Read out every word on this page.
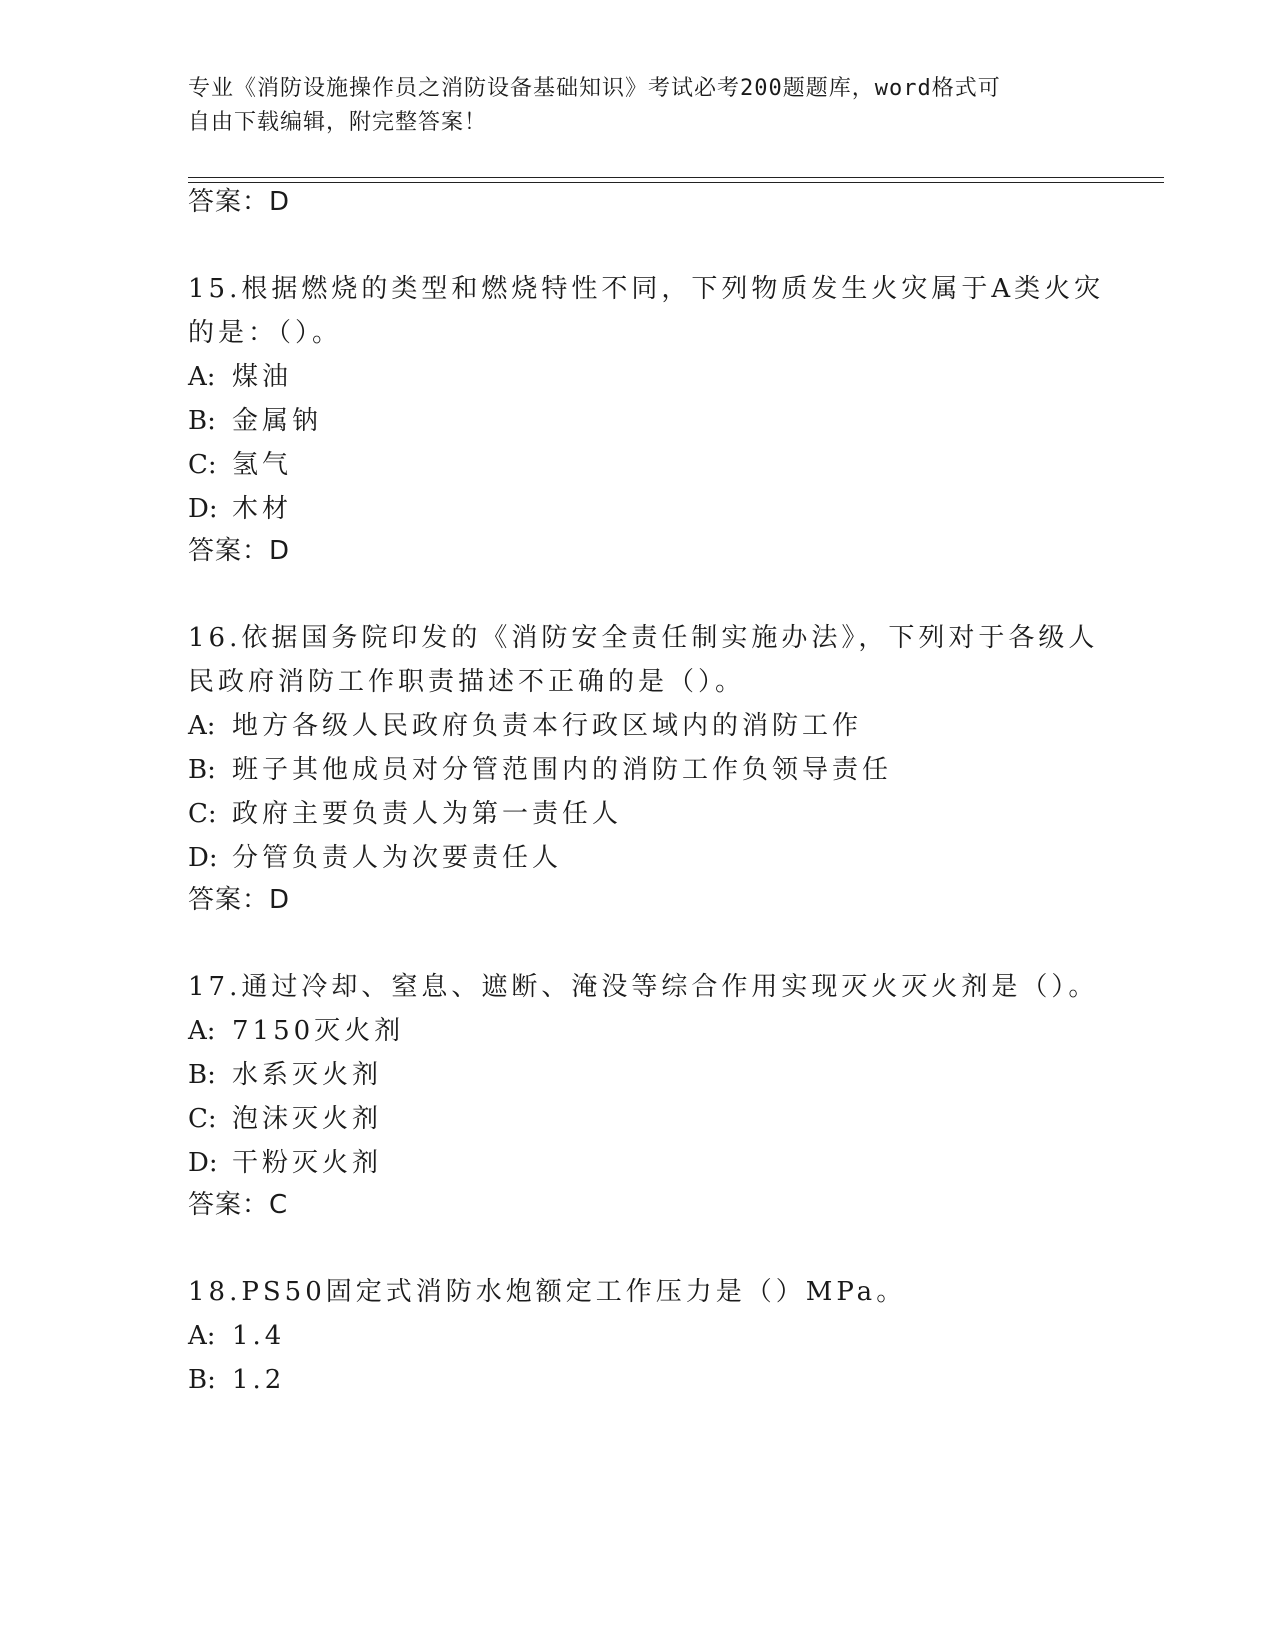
专业《消防设施操作员之消防设备基础知识》考试必考200题题库，word格式可
自由下载编辑，附完整答案！
答案：D
15.根据燃烧的类型和燃烧特性不同，下列物质发生火灾属于A类火灾
的是：（）。
A: 煤油
B: 金属钠
C: 氢气
D: 木材
答案：D
16.依据国务院印发的《消防安全责任制实施办法》，下列对于各级人
民政府消防工作职责描述不正确的是（）。
A: 地方各级人民政府负责本行政区域内的消防工作
B: 班子其他成员对分管范围内的消防工作负领导责任
C: 政府主要负责人为第一责任人
D: 分管负责人为次要责任人
答案：D
17.通过冷却、窒息、遮断、淹没等综合作用实现灭火灭火剂是（）。
A: 7150灭火剂
B: 水系灭火剂
C: 泡沫灭火剂
D: 干粉灭火剂
答案：C
18.PS50固定式消防水炮额定工作压力是（）MPa。
A: 1.4
B: 1.2
